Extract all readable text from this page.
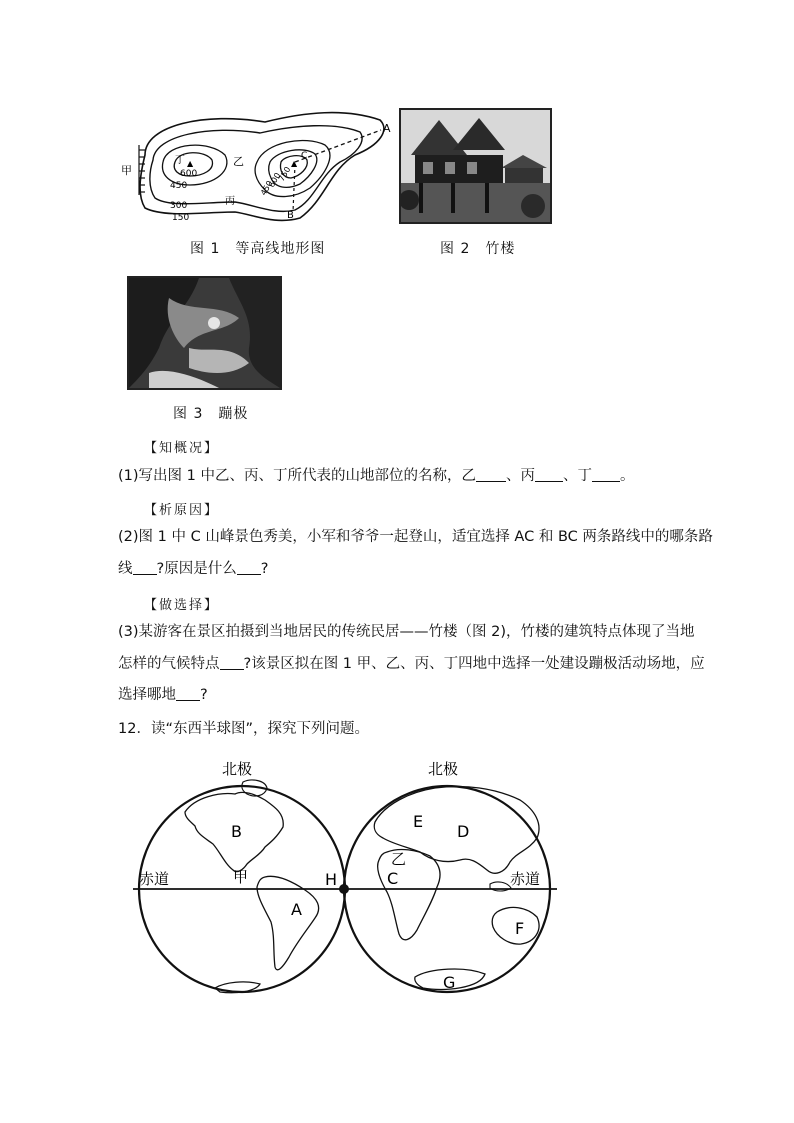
▲	▲
甲
丁	乙
丙
A
B
C
600
450
300
150
750
600
450
图 1　等高线地形图	图 2　竹楼
图 3　蹦极
【知概况】
(1)写出图 1 中乙、丙、丁所代表的山地部位的名称，乙 、丙 、丁 。
【析原因】
(2)图 1 中 C 山峰景色秀美，小军和爷爷一起登山，适宜选择 AC 和 BC 两条路线中的哪条路
线 ?原因是什么 ?
【做选择】
(3)某游客在景区拍摄到当地居民的传统民居——竹楼（图 2)，竹楼的建筑特点体现了当地
怎样的气候特点 ?该景区拟在图 1 甲、乙、丙、丁四地中选择一处建设蹦极活动场地，应
选择哪地 ?
12．读“东西半球图”，探究下列问题。
北极	北极
赤道	赤道
A
B
C
D
E
F
G
H
甲
乙
